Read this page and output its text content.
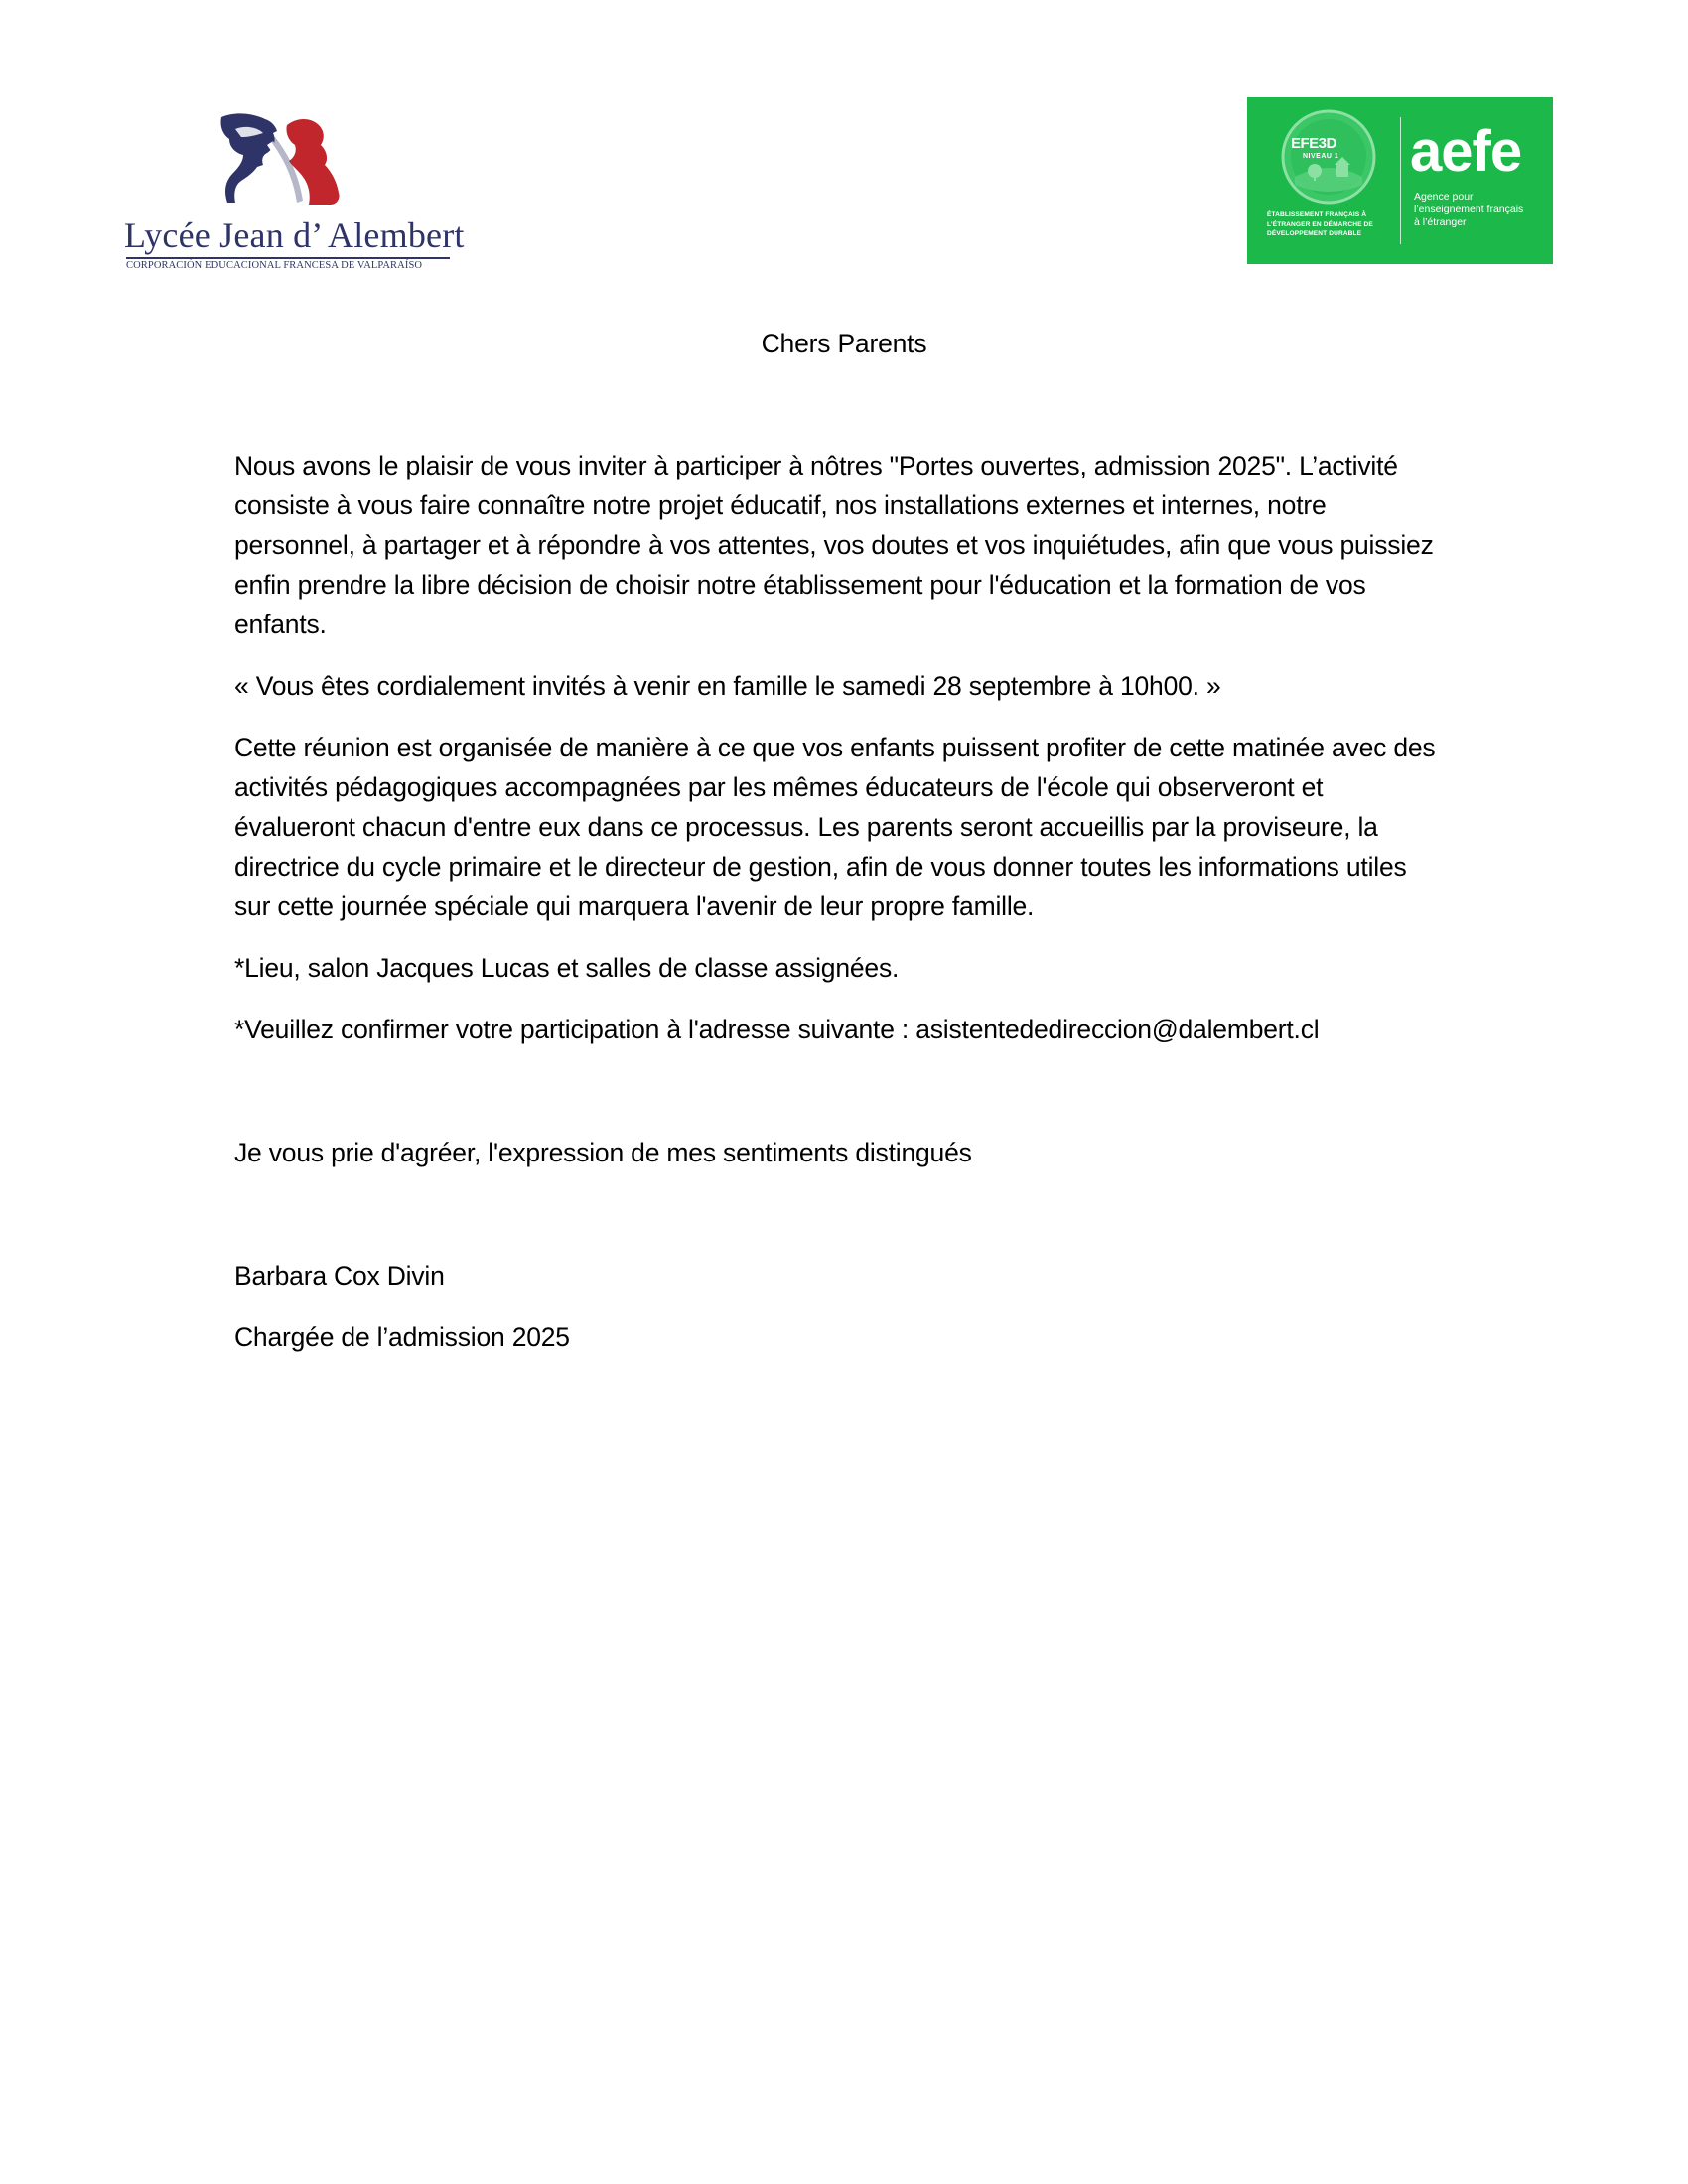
Lycée Jean d’ Alembert
CORPORACIÓN EDUCACIONAL FRANCESA DE VALPARAÍSO
EFE3D
NIVEAU 1
ÉTABLISSEMENT FRANÇAIS À L’ÉTRANGER EN DÉMARCHE DE DÉVELOPPEMENT DURABLE
aefe
Agence pour
l’enseignement français
à l’étranger
Chers Parents

Nous avons le plaisir de vous inviter à participer à nôtres "Portes ouvertes, admission 2025". L’activité consiste à vous faire connaître notre projet éducatif, nos installations externes et internes, notre personnel, à partager et à répondre à vos attentes, vos doutes et vos inquiétudes, afin que vous puissiez enfin prendre la libre décision de choisir notre établissement pour l'éducation et la formation de vos enfants.

« Vous êtes cordialement invités à venir en famille le samedi 28 septembre à 10h00. »

Cette réunion est organisée de manière à ce que vos enfants puissent profiter de cette matinée avec des activités pédagogiques accompagnées par les mêmes éducateurs de l'école qui observeront et évalueront chacun d'entre eux dans ce processus. Les parents seront accueillis par la proviseure, la directrice du cycle primaire et le directeur de gestion, afin de vous donner toutes les informations utiles sur cette journée spéciale qui marquera l'avenir de leur propre famille.

*Lieu, salon Jacques Lucas et salles de classe assignées.

*Veuillez confirmer votre participation à l'adresse suivante : asistentededireccion@dalembert.cl

Je vous prie d'agréer, l'expression de mes sentiments distingués

Barbara Cox Divin

Chargée de l’admission 2025
